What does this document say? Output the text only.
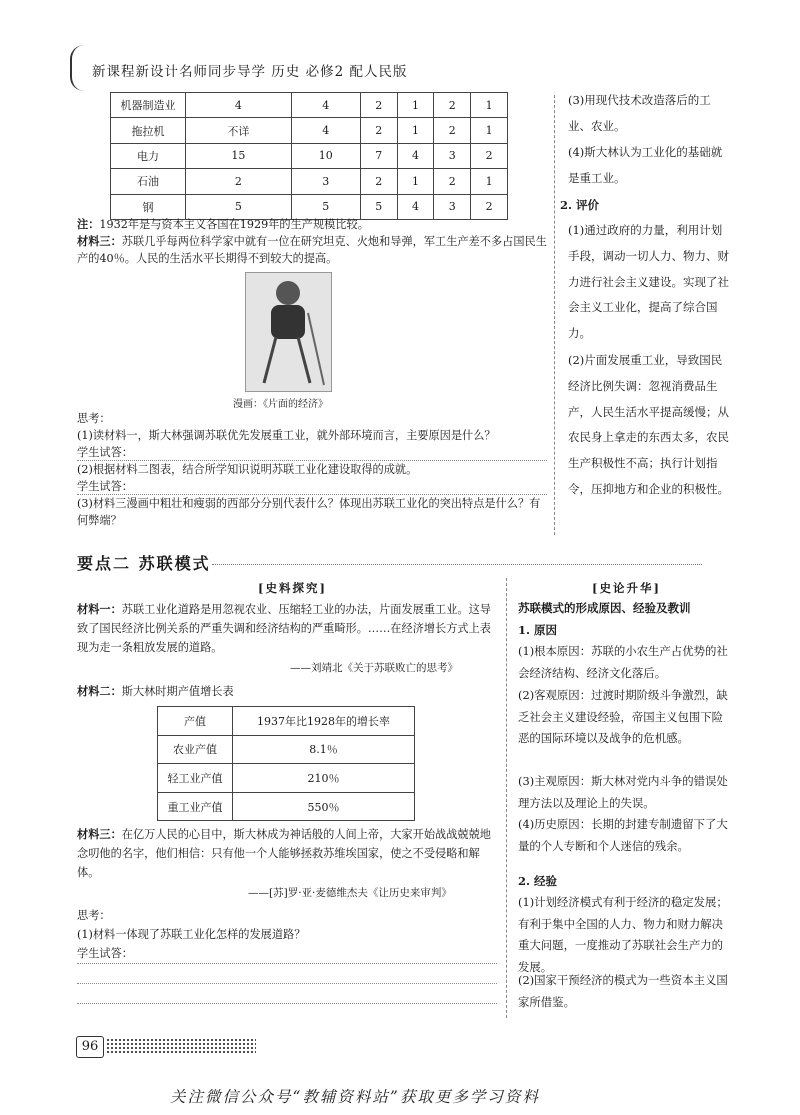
新课程新设计名师同步导学 历史 必修2 配人民版
机器制造业	4	4	2	1	2	1
拖拉机	不详	4	2	1	2	1
电力	15	10	7	4	3	2
石油	2	3	2	1	2	1
钢	5	5	5	4	3	2
注：1932年是与资本主义各国在1929年的生产规模比较。
材料三：苏联几乎每两位科学家中就有一位在研究坦克、火炮和导弹，军工生产差不多占国民生产的40％。人民的生活水平长期得不到较大的提高。
漫画：《片面的经济》
思考：
(1)读材料一，斯大林强调苏联优先发展重工业，就外部环境而言，主要原因是什么？
学生试答：
(2)根据材料二图表，结合所学知识说明苏联工业化建设取得的成就。
学生试答：
(3)材料三漫画中粗壮和瘦弱的西部分分别代表什么？体现出苏联工业化的突出特点是什么？有何弊端？
(3)用现代技术改造落后的工业、农业。
(4)斯大林认为工业化的基础就是重工业。
2. 评价
(1)通过政府的力量，利用计划手段，调动一切人力、物力、财力进行社会主义建设。实现了社会主义工业化，提高了综合国力。
(2)片面发展重工业，导致国民经济比例失调：忽视消费品生产，人民生活水平提高缓慢；从农民身上拿走的东西太多，农民生产积极性不高；执行计划指令，压抑地方和企业的积极性。
要点二 苏联模式
[史料探究]	[史论升华]
材料一：苏联工业化道路是用忽视农业、压缩轻工业的办法，片面发展重工业。这导致了国民经济比例关系的严重失调和经济结构的严重畸形。……在经济增长方式上表现为走一条粗放发展的道路。
——刘靖北《关于苏联败亡的思考》
材料二：斯大林时期产值增长表
产值	1937年比1928年的增长率
农业产值	8.1％
轻工业产值	210％
重工业产值	550％
材料三：在亿万人民的心目中，斯大林成为神话般的人间上帝，大家开始战战兢兢地念叨他的名字，他们相信：只有他一个人能够拯救苏维埃国家，使之不受侵略和解体。
——[苏]罗·亚·麦德维杰夫《让历史来审判》
思考：
(1)材料一体现了苏联工业化怎样的发展道路？
学生试答：
苏联模式的形成原因、经验及教训
1. 原因
(1)根本原因：苏联的小农生产占优势的社会经济结构、经济文化落后。
(2)客观原因：过渡时期阶级斗争激烈，缺乏社会主义建设经验，帝国主义包围下险恶的国际环境以及战争的危机感。
(3)主观原因：斯大林对党内斗争的错误处理方法以及理论上的失误。
(4)历史原因：长期的封建专制遗留下了大量的个人专断和个人迷信的残余。
2. 经验
(1)计划经济模式有利于经济的稳定发展；有利于集中全国的人力、物力和财力解决重大问题，一度推动了苏联社会生产力的发展。
(2)国家干预经济的模式为一些资本主义国家所借鉴。
96
关注微信公众号“教辅资料站”获取更多学习资料
